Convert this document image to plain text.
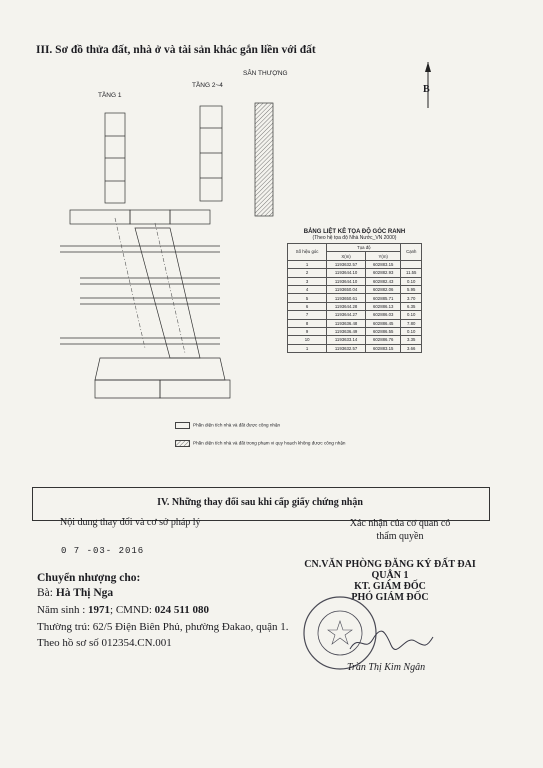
III. Sơ đồ thửa đất, nhà ở và tài sản khác gắn liền với đất
B
TẦNG 1
TẦNG 2~4
SÂN THƯỢNG
BẢNG LIỆT KÊ TỌA ĐỘ GÓC RANH
(Theo hệ tọa độ Nhà Nước_VN 2000)
Số hiệu góc	Tọa độ		Cạnh
	X(m)	Y(m)	
1	1193632.57	602883.15	
2	1193644.10	602882.93	11.55
3	1193644.10	602882.43	0.10
4	1193650.04	602882.06	5.95
5	1193650.61	602885.71	3.70
6	1193644.28	602886.13	6.35
7	1193644.27	602886.03	0.10
8	1193636.48	602886.45	7.80
9	1193636.49	602886.55	0.10
10	1193633.14	602886.76	3.35
1	1193632.57	602883.15	3.66
Phần diện tích nhà và đất được công nhận
Phần diện tích nhà và đất trong phạm vi quy hoạch không được công nhận
IV. Những thay đổi sau khi cấp giấy chứng nhận
Nội dung thay đổi và cơ sở pháp lý	Xác nhận của cơ quan có thẩm quyền
0 7 -03- 2016
CN.VĂN PHÒNG ĐĂNG KÝ ĐẤT ĐAI QUẬN 1
KT. GIÁM ĐỐC
PHÓ GIÁM ĐỐC
Chuyển nhượng cho:
Bà: Hà Thị Nga
Năm sinh : 1971; CMND: 024 511 080
Thường trú: 62/5 Điện Biên Phủ, phường Đakao, quận 1.
Theo hồ sơ số 012354.CN.001
Trần Thị Kim Ngân
